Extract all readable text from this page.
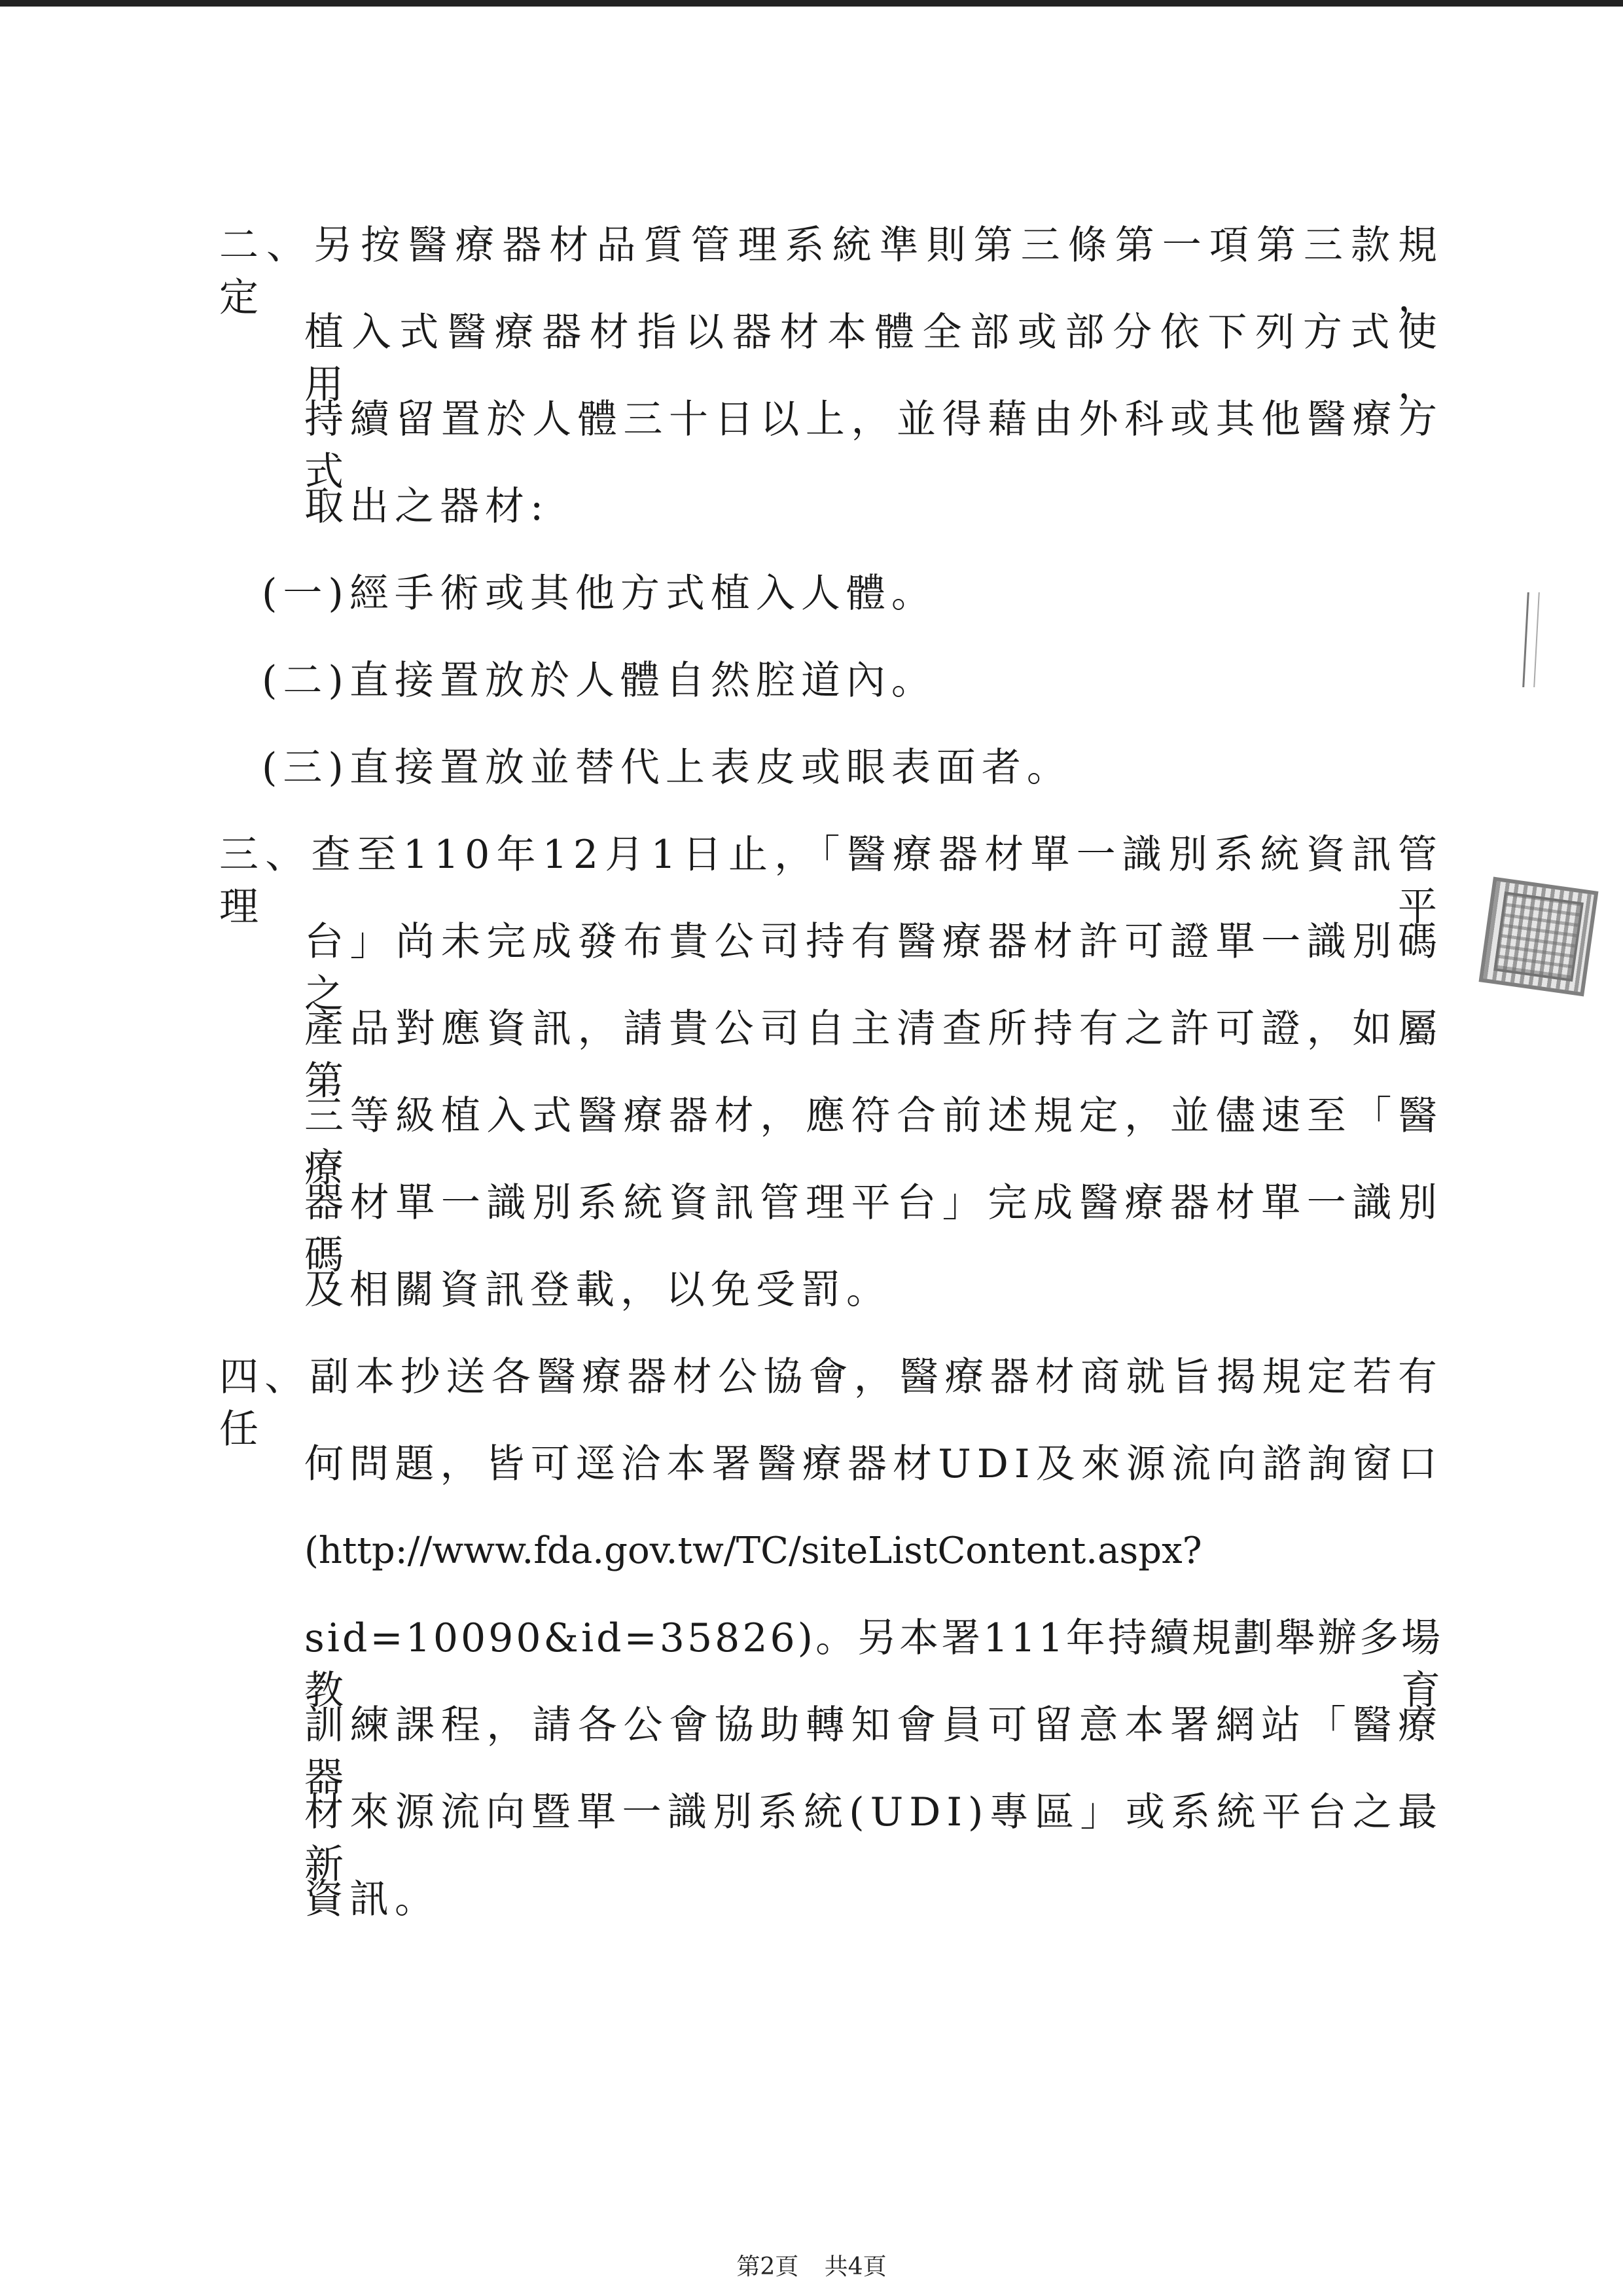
二、另按醫療器材品質管理系統準則第三條第一項第三款規定，
植入式醫療器材指以器材本體全部或部分依下列方式使用，
持續留置於人體三十日以上，並得藉由外科或其他醫療方式
取出之器材:
(一)經手術或其他方式植入人體。
(二)直接置放於人體自然腔道內。
(三)直接置放並替代上表皮或眼表面者。
三、查至110年12月1日止，「醫療器材單一識別系統資訊管理平
台」尚未完成發布貴公司持有醫療器材許可證單一識別碼之
產品對應資訊，請貴公司自主清查所持有之許可證，如屬第
三等級植入式醫療器材，應符合前述規定，並儘速至「醫療
器材單一識別系統資訊管理平台」完成醫療器材單一識別碼
及相關資訊登載，以免受罰。
四、副本抄送各醫療器材公協會，醫療器材商就旨揭規定若有任
何問題，皆可逕洽本署醫療器材UDI及來源流向諮詢窗口
(http://www.fda.gov.tw/TC/siteListContent.aspx?
sid=10090&id=35826)。另本署111年持續規劃舉辦多場教育
訓練課程，請各公會協助轉知會員可留意本署網站「醫療器
材來源流向暨單一識別系統(UDI)專區」或系統平台之最新
資訊。
第2頁 共4頁
